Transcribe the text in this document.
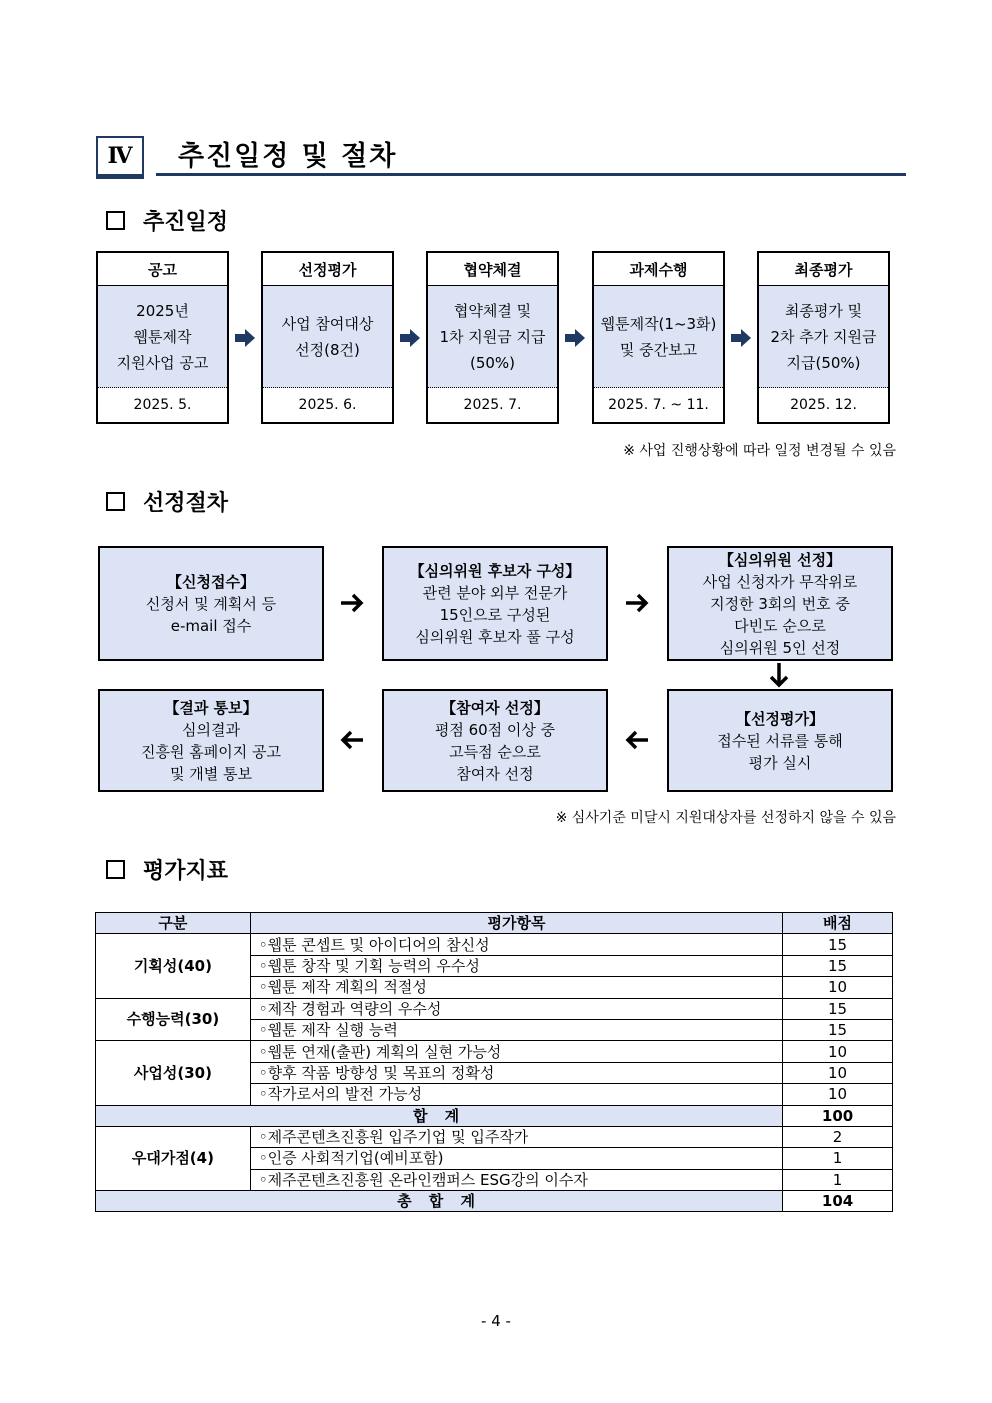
Ⅳ	추진일정 및 절차
추진일정
공고
2025년
웹툰제작
지원사업 공고
2025. 5.
선정평가
사업 참여대상
선정(8건)
2025. 6.
협약체결
협약체결 및
1차 지원금 지급
(50%)
2025. 7.
과제수행
웹툰제작(1~3화)
및 중간보고
2025. 7. ~ 11.
최종평가
최종평가 및
2차 추가 지원금
지급(50%)
2025. 12.
※ 사업 진행상황에 따라 일정 변경될 수 있음
선정절차
【신청접수】
신청서 및 계획서 등
e-mail 접수
【심의위원 후보자 구성】
관련 분야 외부 전문가
15인으로 구성된
심의위원 후보자 풀 구성
【심의위원 선정】
사업 신청자가 무작위로
지정한 3회의 번호 중
다빈도 순으로
심의위원 5인 선정
【선정평가】
접수된 서류를 통해
평가 실시
【참여자 선정】
평점 60점 이상 중
고득점 순으로
참여자 선정
【결과 통보】
심의결과
진흥원 홈페이지 공고
및 개별 통보
※ 심사기준 미달시 지원대상자를 선정하지 않을 수 있음
평가지표
구분	평가항목	배점
기획성(40)	◦웹툰 콘셉트 및 아이디어의 참신성	15
	◦웹툰 창작 및 기획 능력의 우수성	15
	◦웹툰 제작 계획의 적절성	10
수행능력(30)	◦제작 경험과 역량의 우수성	15
	◦웹툰 제작 실행 능력	15
사업성(30)	◦웹툰 연재(출판) 계획의 실현 가능성	10
	◦향후 작품 방향성 및 목표의 정확성	10
	◦작가로서의 발전 가능성	10
합 계		100
우대가점(4)	◦제주콘텐츠진흥원 입주기업 및 입주작가	2
	◦인증 사회적기업(예비포함)	1
	◦제주콘텐츠진흥원 온라인캠퍼스 ESG강의 이수자	1
총 합 계		104
- 4 -
